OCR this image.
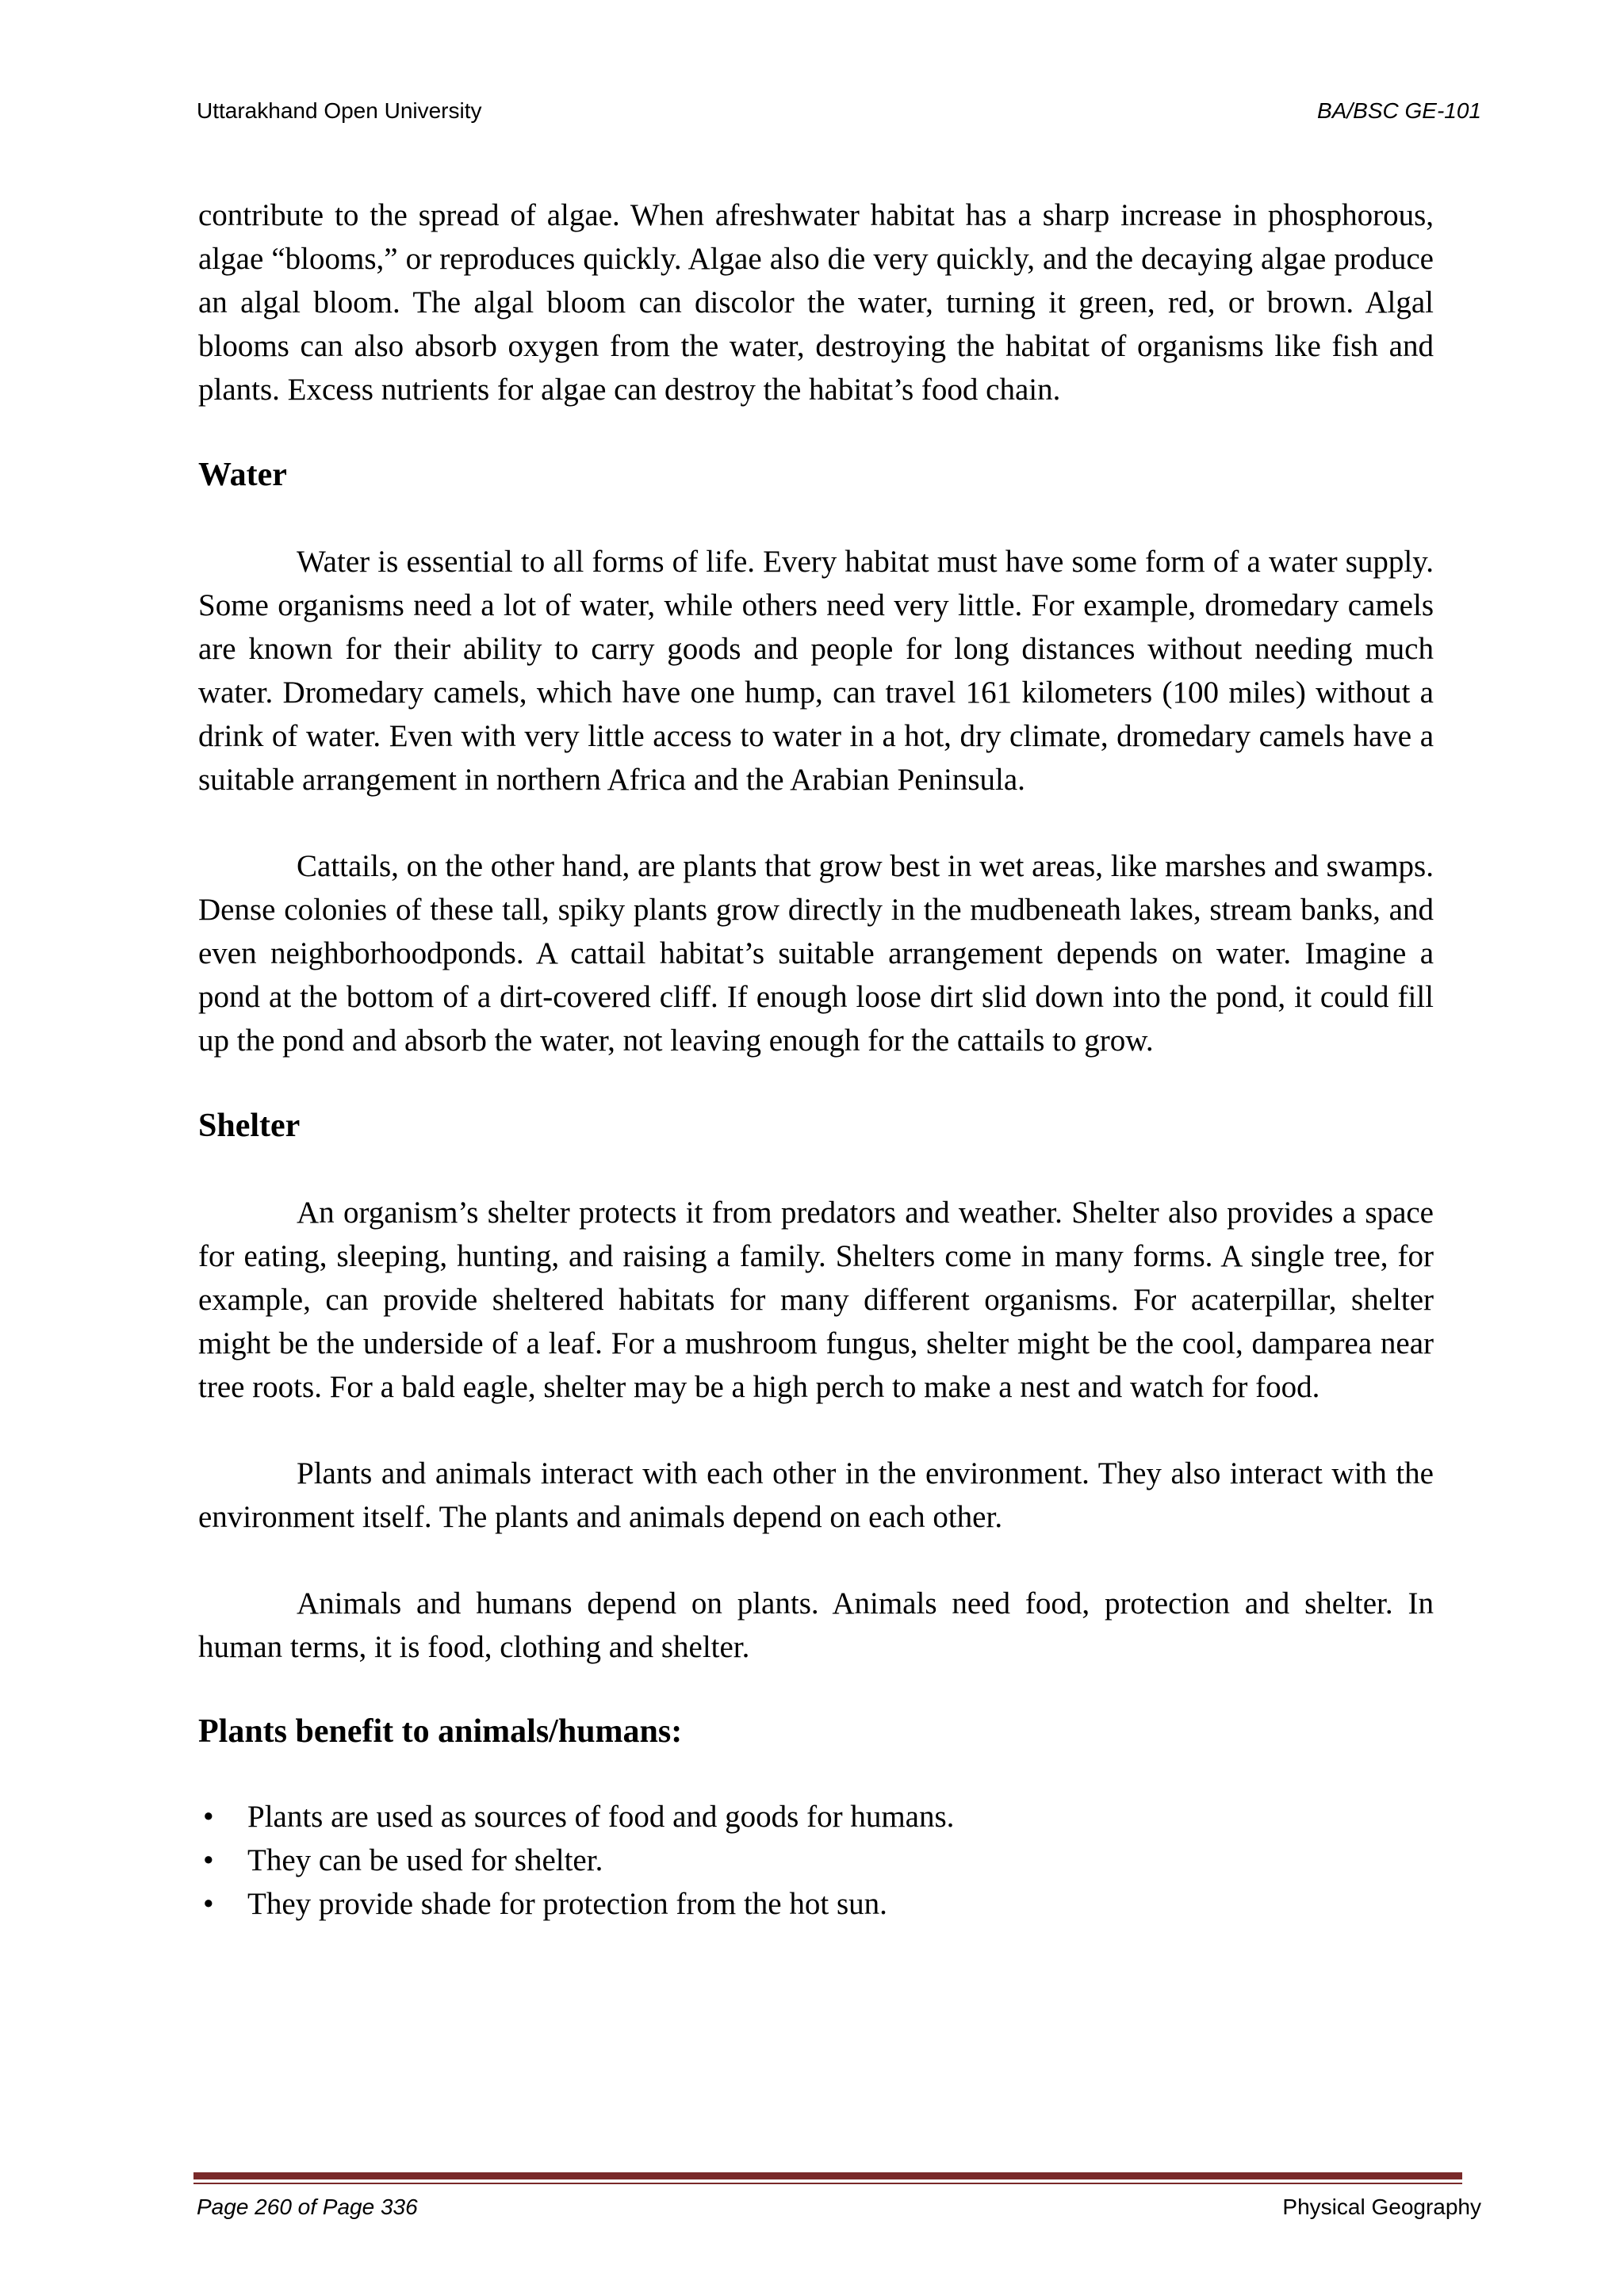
Uttarakhand Open University	BA/BSC GE-101

contribute to the spread of algae. When afreshwater habitat has a sharp increase in phosphorous, algae “blooms,” or reproduces quickly. Algae also die very quickly, and the decaying algae produce an algal bloom. The algal bloom can discolor the water, turning it green, red, or brown. Algal blooms can also absorb oxygen from the water, destroying the habitat of organisms like fish and plants. Excess nutrients for algae can destroy the habitat’s food chain.

Water

Water is essential to all forms of life. Every habitat must have some form of a water supply. Some organisms need a lot of water, while others need very little. For example, dromedary camels are known for their ability to carry goods and people for long distances without needing much water. Dromedary camels, which have one hump, can travel 161 kilometers (100 miles) without a drink of water. Even with very little access to water in a hot, dry climate, dromedary camels have a suitable arrangement in northern Africa and the Arabian Peninsula.

Cattails, on the other hand, are plants that grow best in wet areas, like marshes and swamps. Dense colonies of these tall, spiky plants grow directly in the mudbeneath lakes, stream banks, and even neighborhoodponds. A cattail habitat’s suitable arrangement depends on water. Imagine a pond at the bottom of a dirt-covered cliff. If enough loose dirt slid down into the pond, it could fill up the pond and absorb the water, not leaving enough for the cattails to grow.

Shelter

An organism’s shelter protects it from predators and weather. Shelter also provides a space for eating, sleeping, hunting, and raising a family. Shelters come in many forms. A single tree, for example, can provide sheltered habitats for many different organisms. For acaterpillar, shelter might be the underside of a leaf. For a mushroom fungus, shelter might be the cool, damparea near tree roots. For a bald eagle, shelter may be a high perch to make a nest and watch for food.

Plants and animals interact with each other in the environment. They also interact with the environment itself. The plants and animals depend on each other.

Animals and humans depend on plants. Animals need food, protection and shelter. In human terms, it is food, clothing and shelter.

Plants benefit to animals/humans:
• Plants are used as sources of food and goods for humans.
• They can be used for shelter.
• They provide shade for protection from the hot sun.
Page 260 of Page 336	Physical Geography
